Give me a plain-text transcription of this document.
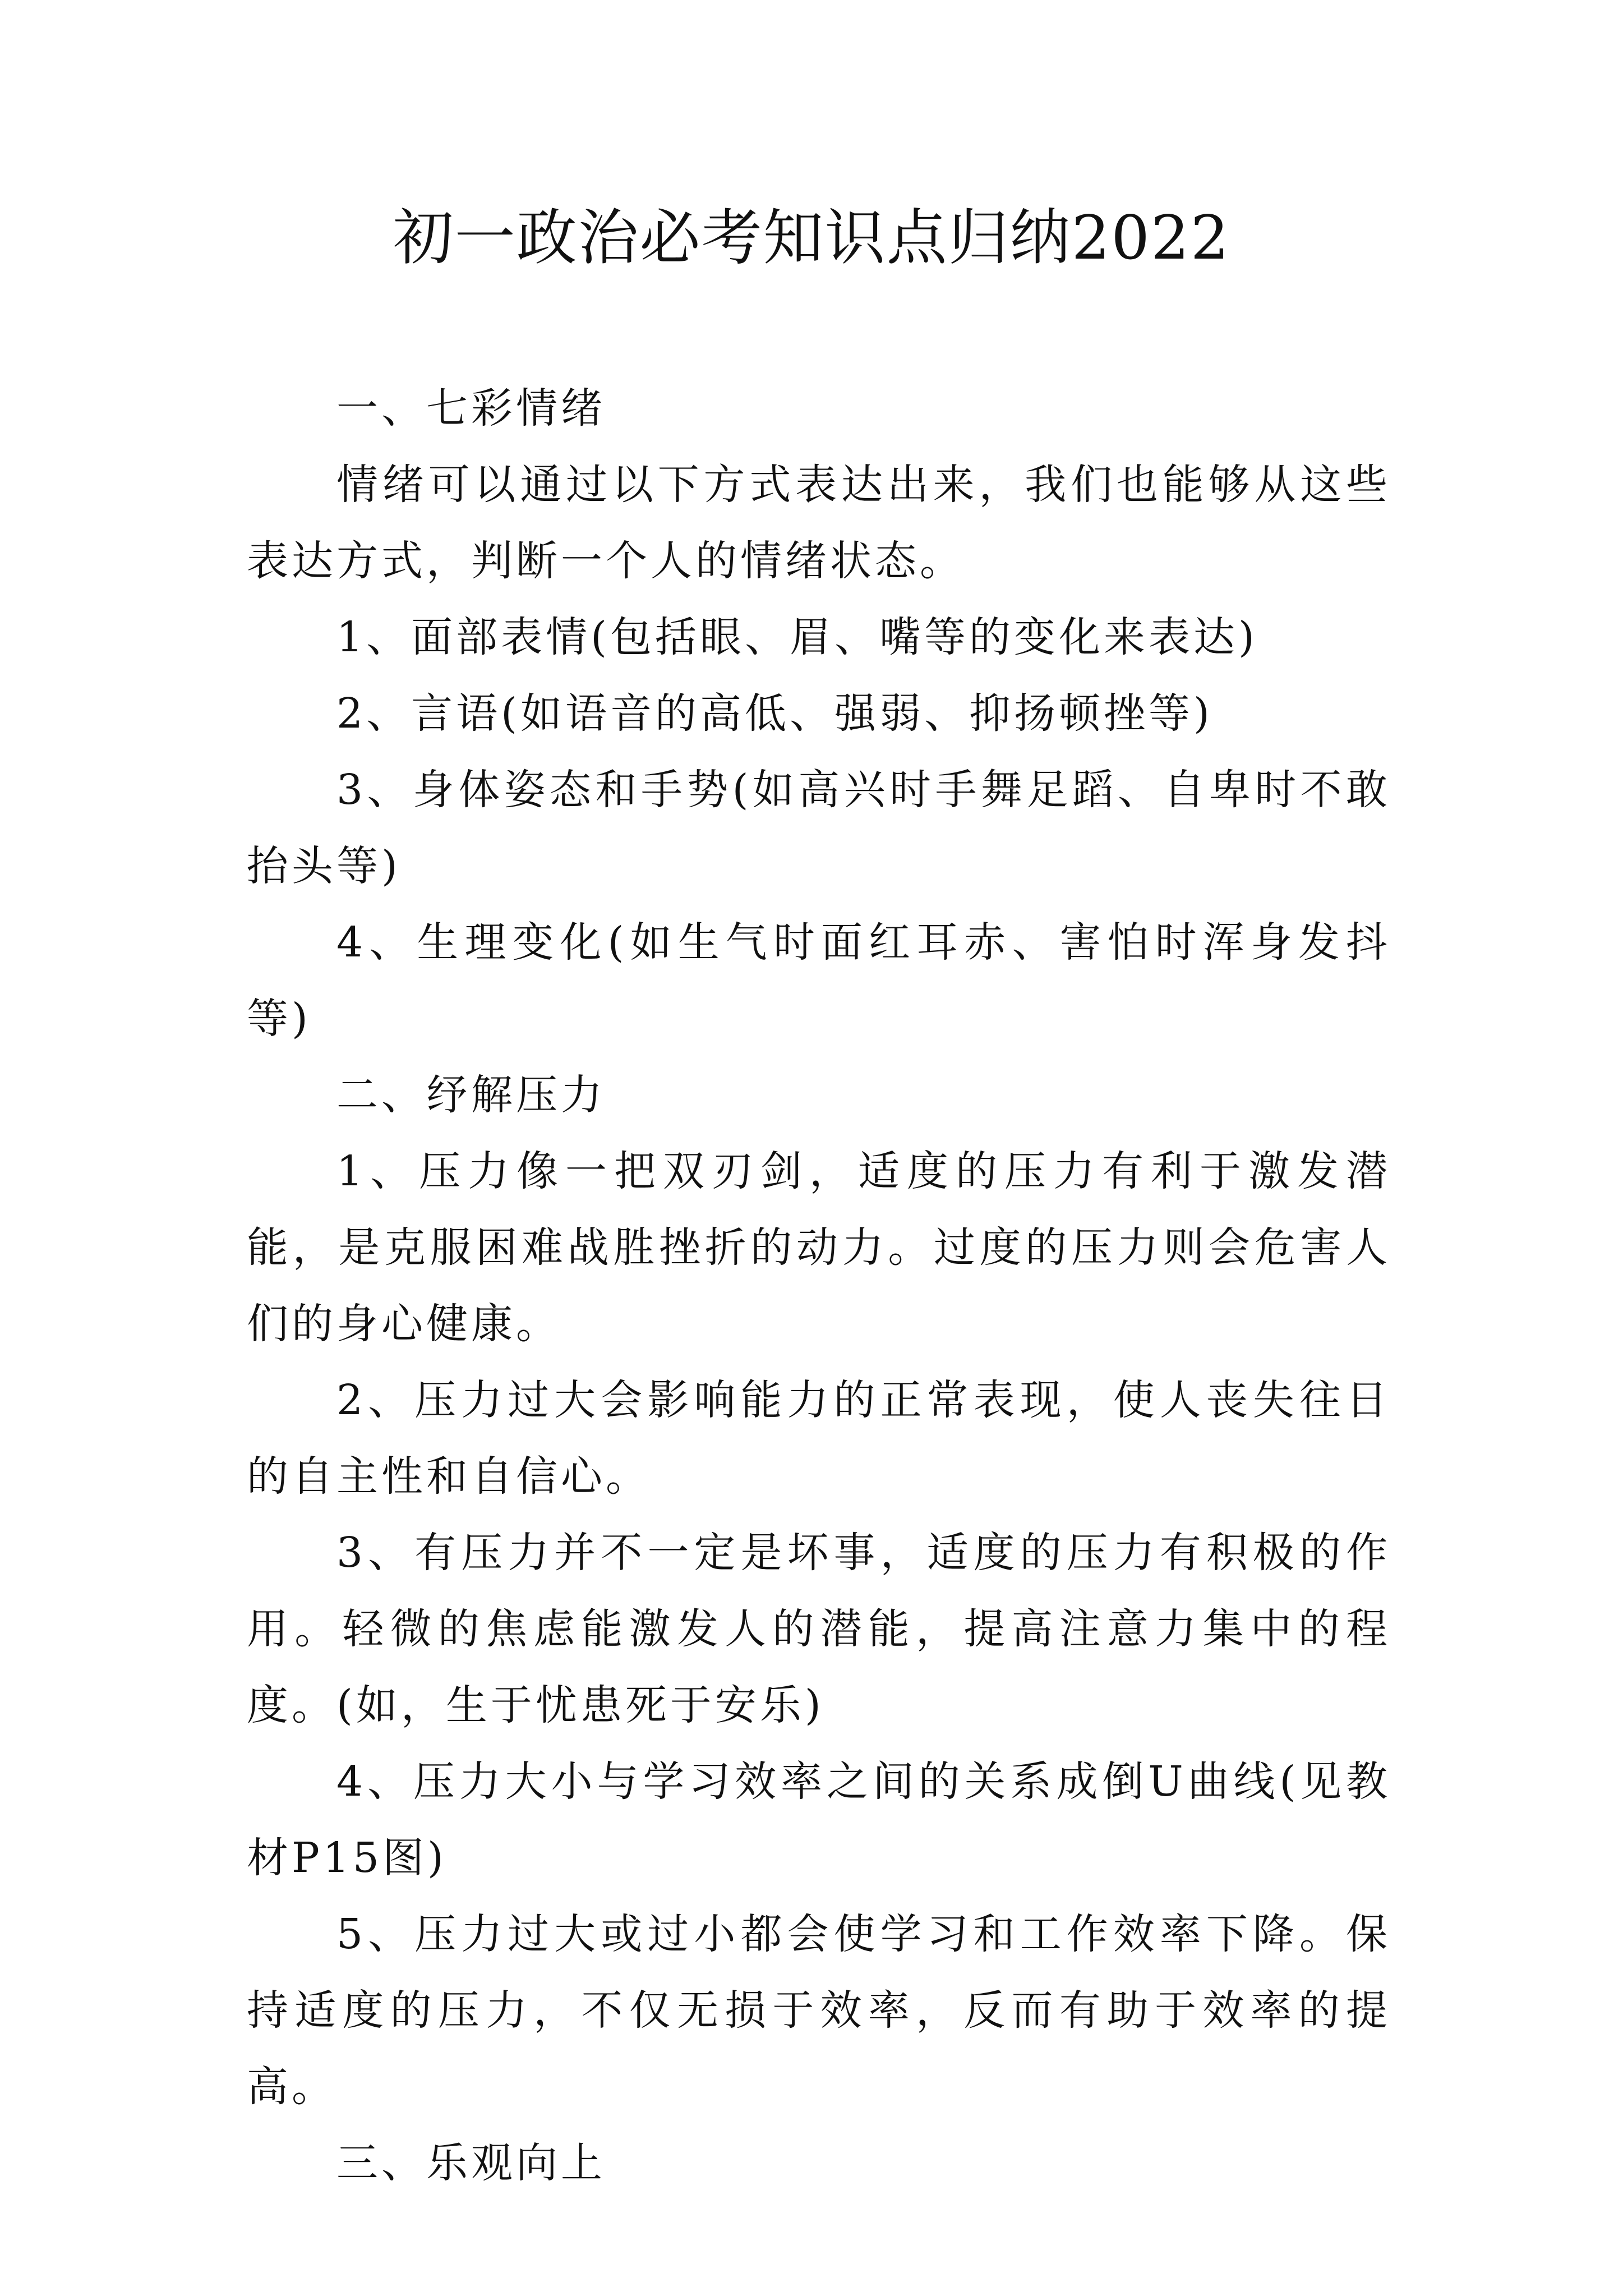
初一政治必考知识点归纳2022

一、七彩情绪

情绪可以通过以下方式表达出来，我们也能够从这些表达方式，判断一个人的情绪状态。

1、面部表情(包括眼、眉、嘴等的变化来表达)

2、言语(如语音的高低、强弱、抑扬顿挫等)

3、身体姿态和手势(如高兴时手舞足蹈、自卑时不敢抬头等)

4、生理变化(如生气时面红耳赤、害怕时浑身发抖等)

二、纾解压力

1、压力像一把双刃剑，适度的压力有利于激发潜能，是克服困难战胜挫折的动力。过度的压力则会危害人们的身心健康。

2、压力过大会影响能力的正常表现，使人丧失往日的自主性和自信心。

3、有压力并不一定是坏事，适度的压力有积极的作用。轻微的焦虑能激发人的潜能，提高注意力集中的程度。(如，生于忧患死于安乐)

4、压力大小与学习效率之间的关系成倒U曲线(见教材P15图)

5、压力过大或过小都会使学习和工作效率下降。保持适度的压力，不仅无损于效率，反而有助于效率的提高。

三、乐观向上
